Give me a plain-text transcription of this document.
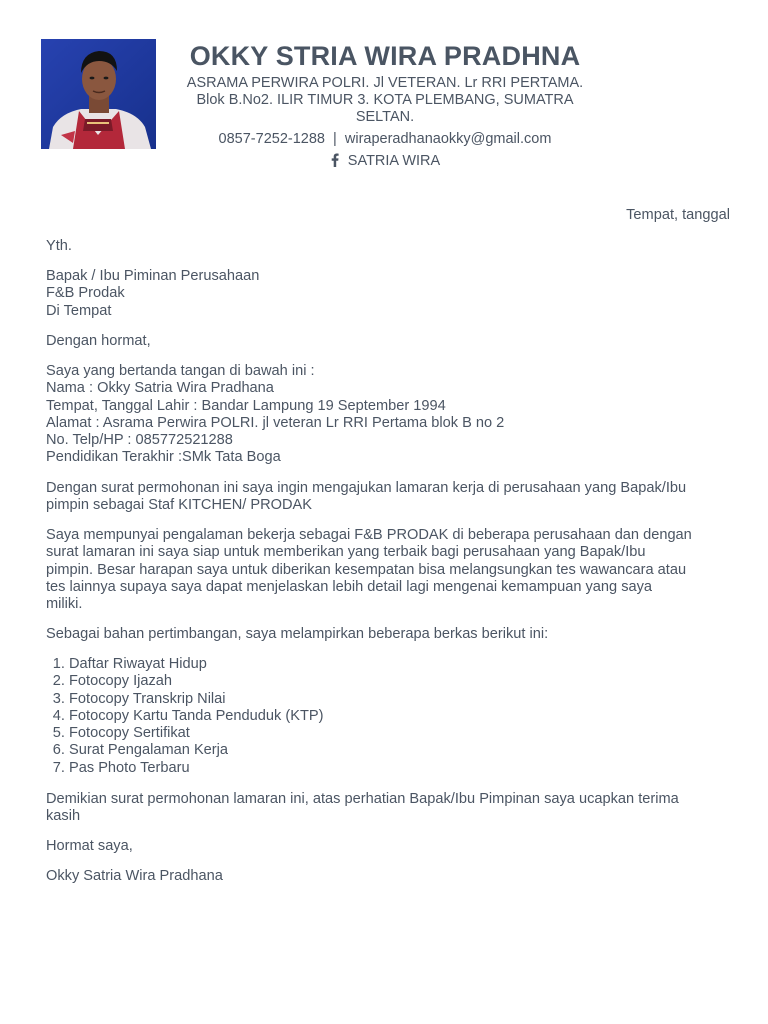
OKKY STRIA WIRA PRADHNA
ASRAMA PERWIRA POLRI. Jl VETERAN. Lr RRI PERTAMA.
Blok B.No2. ILIR TIMUR 3. KOTA PLEMBANG, SUMATRA
SELTAN.
0857-7252-1288 | wiraperadhanaokky@gmail.com
SATRIA WIRA
Tempat, tanggal
Yth.
Bapak / Ibu Piminan Perusahaan
F&B Prodak
Di Tempat
Dengan hormat,
Saya yang bertanda tangan di bawah ini :
Nama : Okky Satria Wira Pradhana
Tempat, Tanggal Lahir : Bandar Lampung 19 September 1994
Alamat : Asrama Perwira POLRI. jl veteran Lr RRI Pertama blok B no 2
No. Telp/HP : 085772521288
Pendidikan Terakhir :SMk Tata Boga
Dengan surat permohonan ini saya ingin mengajukan lamaran kerja di perusahaan yang Bapak/Ibu
pimpin sebagai Staf KITCHEN/ PRODAK
Saya mempunyai pengalaman bekerja sebagai F&B PRODAK di beberapa perusahaan dan dengan
surat lamaran ini saya siap untuk memberikan yang terbaik bagi perusahaan yang Bapak/Ibu
pimpin. Besar harapan saya untuk diberikan kesempatan bisa melangsungkan tes wawancara atau
tes lainnya supaya saya dapat menjelaskan lebih detail lagi mengenai kemampuan yang saya
miliki.
Sebagai bahan pertimbangan, saya melampirkan beberapa berkas berikut ini:
1. Daftar Riwayat Hidup
2. Fotocopy Ijazah
3. Fotocopy Transkrip Nilai
4. Fotocopy Kartu Tanda Penduduk (KTP)
5. Fotocopy Sertifikat
6. Surat Pengalaman Kerja
7. Pas Photo Terbaru
Demikian surat permohonan lamaran ini, atas perhatian Bapak/Ibu Pimpinan saya ucapkan terima
kasih
Hormat saya,
Okky Satria Wira Pradhana
